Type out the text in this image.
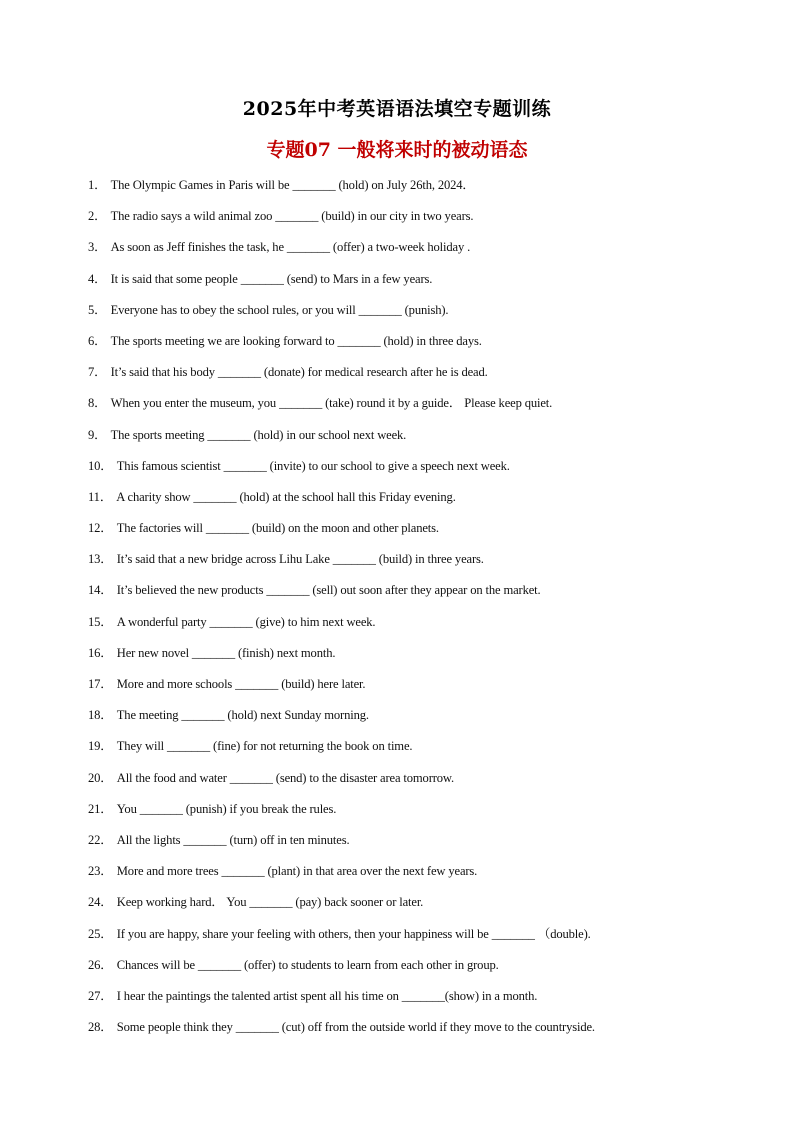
2025年中考英语语法填空专题训练
专题07 一般将来时的被动语态
1． The Olympic Games in Paris will be _______ (hold) on July 26th, 2024．
2． The radio says a wild animal zoo _______ (build) in our city in two years.
3． As soon as Jeff finishes the task, he _______ (offer) a two-week holiday .
4． It is said that some people _______ (send) to Mars in a few years.
5． Everyone has to obey the school rules, or you will _______ (punish).
6． The sports meeting we are looking forward to _______ (hold) in three days.
7． It’s said that his body _______ (donate) for medical research after he is dead.
8． When you enter the museum, you _______ (take) round it by a guide． Please keep quiet.
9． The sports meeting _______ (hold) in our school next week.
10． This famous scientist _______ (invite) to our school to give a speech next week.
11． A charity show _______ (hold) at the school hall this Friday evening.
12． The factories will _______ (build) on the moon and other planets.
13． It’s said that a new bridge across Lihu Lake _______ (build) in three years.
14． It’s believed the new products _______ (sell) out soon after they appear on the market.
15． A wonderful party _______ (give) to him next week.
16． Her new novel _______ (finish) next month.
17． More and more schools _______ (build) here later.
18． The meeting _______ (hold) next Sunday morning.
19． They will _______ (fine) for not returning the book on time.
20． All the food and water _______ (send) to the disaster area tomorrow.
21． You _______ (punish) if you break the rules.
22． All the lights _______ (turn) off in ten minutes.
23． More and more trees _______ (plant) in that area over the next few years.
24． Keep working hard． You _______ (pay) back sooner or later.
25． If you are happy, share your feeling with others, then your happiness will be _______ （double).
26． Chances will be _______ (offer) to students to learn from each other in group.
27． I hear the paintings the talented artist spent all his time on _______(show) in a month.
28． Some people think they _______ (cut) off from the outside world if they move to the countryside.
